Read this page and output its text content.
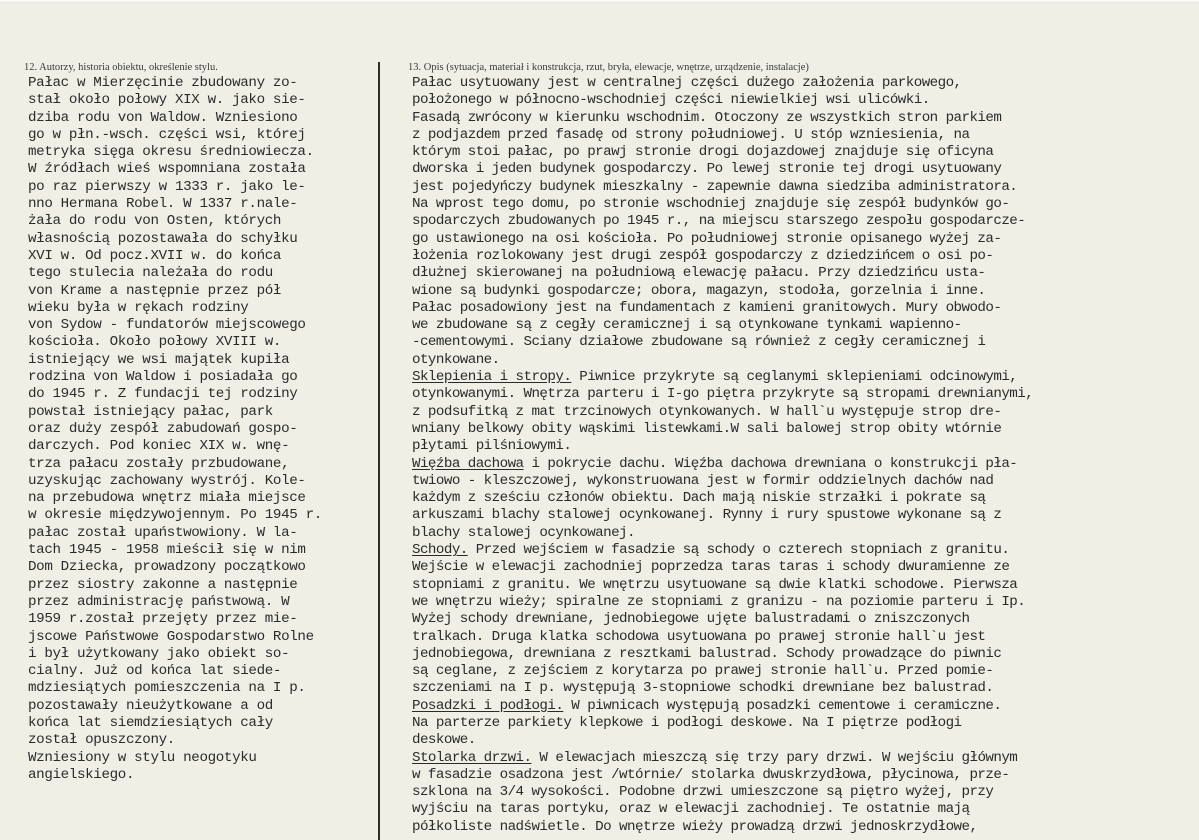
12. Autorzy, historia obiektu, określenie stylu.
Pałac w Mierzęcinie zbudowany zo-
stał około połowy XIX w. jako sie-
dziba rodu von Waldow. Wzniesiono
go w płn.-wsch. części wsi, której
metryka sięga okresu średniowiecza.
W źródłach wieś wspomniana została
po raz pierwszy w 1333 r. jako le-
nno Hermana Robel. W 1337 r.nale-
żała do rodu von Osten, których
własnością pozostawała do schyłku
XVI w. Od pocz.XVII w. do końca
tego stulecia należała do rodu
von Krame a następnie przez pół
wieku była w rękach rodziny
von Sydow - fundatorów miejscowego
kościoła. Około połowy XVIII w.
istniejący we wsi majątek kupiła
rodzina von Waldow i posiadała go
do 1945 r. Z fundacji tej rodziny
powstał istniejący pałac, park
oraz duży zespół zabudowań gospo-
darczych. Pod koniec XIX w. wnę-
trza pałacu zostały przbudowane,
uzyskując zachowany wystrój. Kole-
na przebudowa wnętrz miała miejsce
w okresie międzywojennym. Po 1945 r.
pałac został upaństwowiony. W la-
tach 1945 - 1958 mieścił się w nim
Dom Dziecka, prowadzony początkowo
przez siostry zakonne a następnie
przez administrację państwową. W
1959 r.został przejęty przez mie-
jscowe Państwowe Gospodarstwo Rolne
i był użytkowany jako obiekt so-
cialny. Już od końca lat siede-
mdziesiątych pomieszczenia na I p.
pozostawały nieużytkowane a od
końca lat siemdziesiątych cały
został opuszczony.
Wzniesiony w stylu neogotyku
angielskiego.
13. Opis (sytuacja, materiał i konstrukcja, rzut, bryła, elewacje, wnętrze, urządzenie, instalacje)
Pałac usytuowany jest w centralnej części dużego założenia parkowego,
położonego w północno-wschodniej części niewielkiej wsi ulicówki.
Fasadą zwrócony w kierunku wschodnim. Otoczony ze wszystkich stron parkiem
z podjazdem przed fasadę od strony południowej. U stóp wzniesienia, na
którym stoi pałac, po prawj stronie drogi dojazdowej znajduje się oficyna
dworska i jeden budynek gospodarczy. Po lewej stronie tej drogi usytuowany
jest pojedyńczy budynek mieszkalny - zapewnie dawna siedziba administratora.
Na wprost tego domu, po stronie wschodniej znajduje się zespół budynków go-
spodarczych zbudowanych po 1945 r., na miejscu starszego zespołu gospodarcze-
go ustawionego na osi kościoła. Po południowej stronie opisanego wyżej za-
łożenia rozlokowany jest drugi zespół gospodarczy z dziedzińcem o osi po-
dłużnej skierowanej na południową elewację pałacu. Przy dziedzińcu usta-
wione są budynki gospodarcze; obora, magazyn, stodoła, gorzelnia i inne.
Pałac posadowiony jest na fundamentach z kamieni granitowych. Mury obwodo-
we zbudowane są z cegły ceramicznej i są otynkowane tynkami wapienno-
-cementowymi. Sciany działowe zbudowane są również z cegły ceramicznej i
otynkowane.
Sklepienia i stropy. Piwnice przykryte są ceglanymi sklepieniami odcinowymi,
otynkowanymi. Wnętrza parteru i I-go piętra przykryte są stropami drewnianymi,
z podsufitką z mat trzcinowych otynkowanych. W hall`u występuje strop dre-
wniany belkowy obity wąskimi listewkami.W sali balowej strop obity wtórnie
płytami pilśniowymi.
Więźba dachowa i pokrycie dachu. Więźba dachowa drewniana o konstrukcji pła-
twiowo - kleszczowej, wykonstruowana jest w formir oddzielnych dachów nad
każdym z sześciu członów obiektu. Dach mają niskie strzałki i pokrate są
arkuszami blachy stalowej ocynkowanej. Rynny i rury spustowe wykonane są z
blachy stalowej ocynkowanej.
Schody. Przed wejściem w fasadzie są schody o czterech stopniach z granitu.
Wejście w elewacji zachodniej poprzedza taras taras i schody dwuramienne ze
stopniami z granitu. We wnętrzu usytuowane są dwie klatki schodowe. Pierwsza
we wnętrzu wieży; spiralne ze stopniami z granizu - na poziomie parteru i Ip.
Wyżej schody drewniane, jednobiegowe ujęte balustradami o zniszczonych
tralkach. Druga klatka schodowa usytuowana po prawej stronie hall`u jest
jednobiegowa, drewniana z resztkami balustrad. Schody prowadzące do piwnic
są ceglane, z zejściem z korytarza po prawej stronie hall`u. Przed pomie-
szczeniami na I p. występują 3-stopniowe schodki drewniane bez balustrad.
Posadzki i podłogi. W piwnicach występują posadzki cementowe i ceramiczne.
Na parterze parkiety klepkowe i podłogi deskowe. Na I piętrze podłogi
deskowe.
Stolarka drzwi. W elewacjach mieszczą się trzy pary drzwi. W wejściu głównym
w fasadzie osadzona jest /wtórnie/ stolarka dwuskrzydłowa, płycinowa, prze-
szklona na 3/4 wysokości. Podobne drzwi umieszczone są piętro wyżej, przy
wyjściu na taras portyku, oraz w elewacji zachodniej. Te ostatnie mają
półkoliste nadświetle. Do wnętrze wieży prowadzą drzwi jednoskrzydłowe,
